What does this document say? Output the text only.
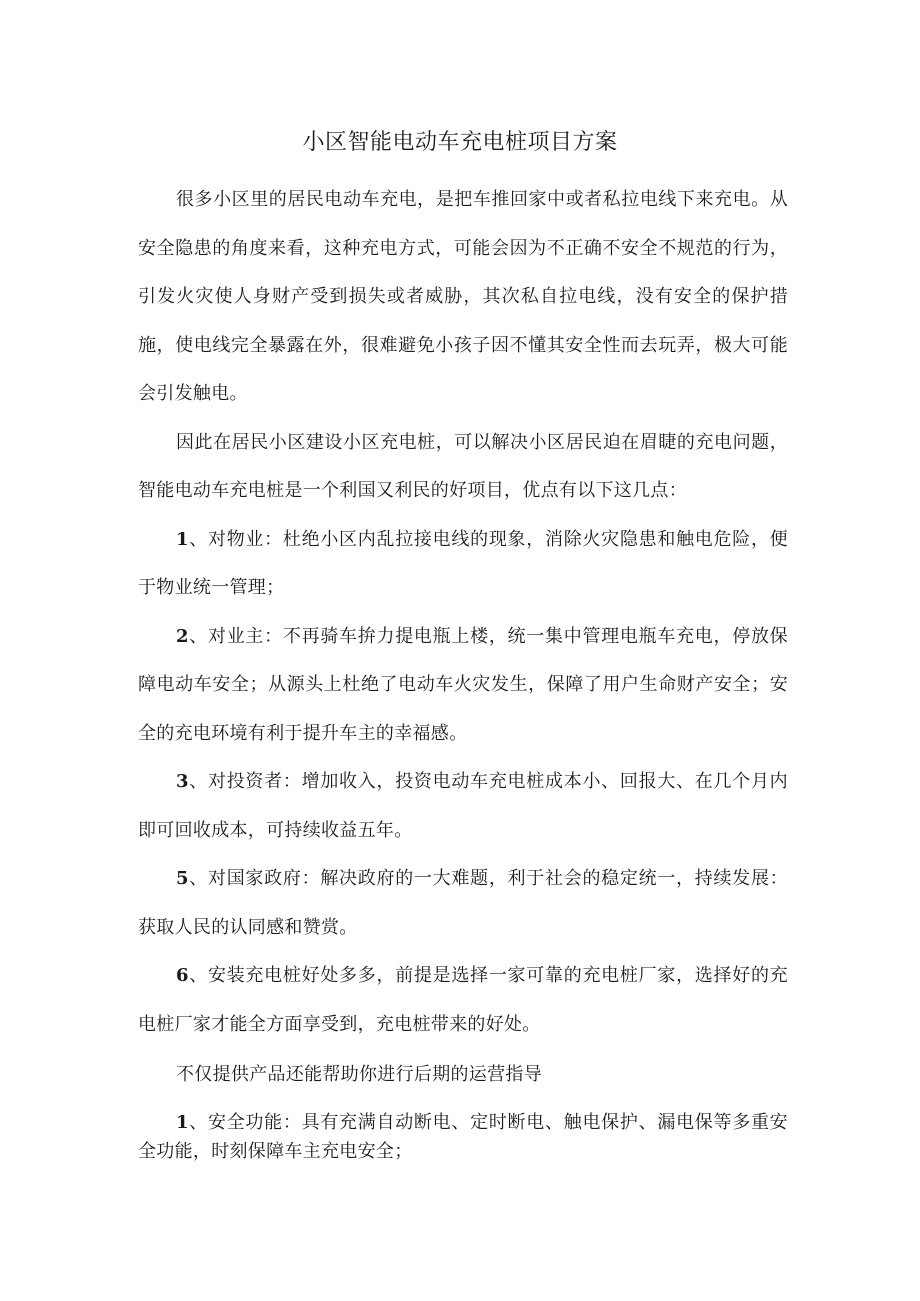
小区智能电动车充电桩项目方案

很多小区里的居民电动车充电，是把车推回家中或者私拉电线下来充电。从安全隐患的角度来看，这种充电方式，可能会因为不正确不安全不规范的行为，引发火灾使人身财产受到损失或者威胁，其次私自拉电线，没有安全的保护措施，使电线完全暴露在外，很难避免小孩子因不懂其安全性而去玩弄，极大可能会引发触电。

因此在居民小区建设小区充电桩，可以解决小区居民迫在眉睫的充电问题，智能电动车充电桩是一个利国又利民的好项目，优点有以下这几点：

1、对物业：杜绝小区内乱拉接电线的现象，消除火灾隐患和触电危险，便于物业统一管理；

2、对业主：不再骑车拚力提电瓶上楼，统一集中管理电瓶车充电，停放保障电动车安全；从源头上杜绝了电动车火灾发生，保障了用户生命财产安全；安全的充电环境有利于提升车主的幸福感。

3、对投资者：增加收入，投资电动车充电桩成本小、回报大、在几个月内即可回收成本，可持续收益五年。

5、对国家政府：解决政府的一大难题，利于社会的稳定统一，持续发展：获取人民的认同感和赞赏。

6、安装充电桩好处多多，前提是选择一家可靠的充电桩厂家，选择好的充电桩厂家才能全方面享受到，充电桩带来的好处。

不仅提供产品还能帮助你进行后期的运营指导

1、安全功能：具有充满自动断电、定时断电、触电保护、漏电保等多重安全功能，时刻保障车主充电安全；
